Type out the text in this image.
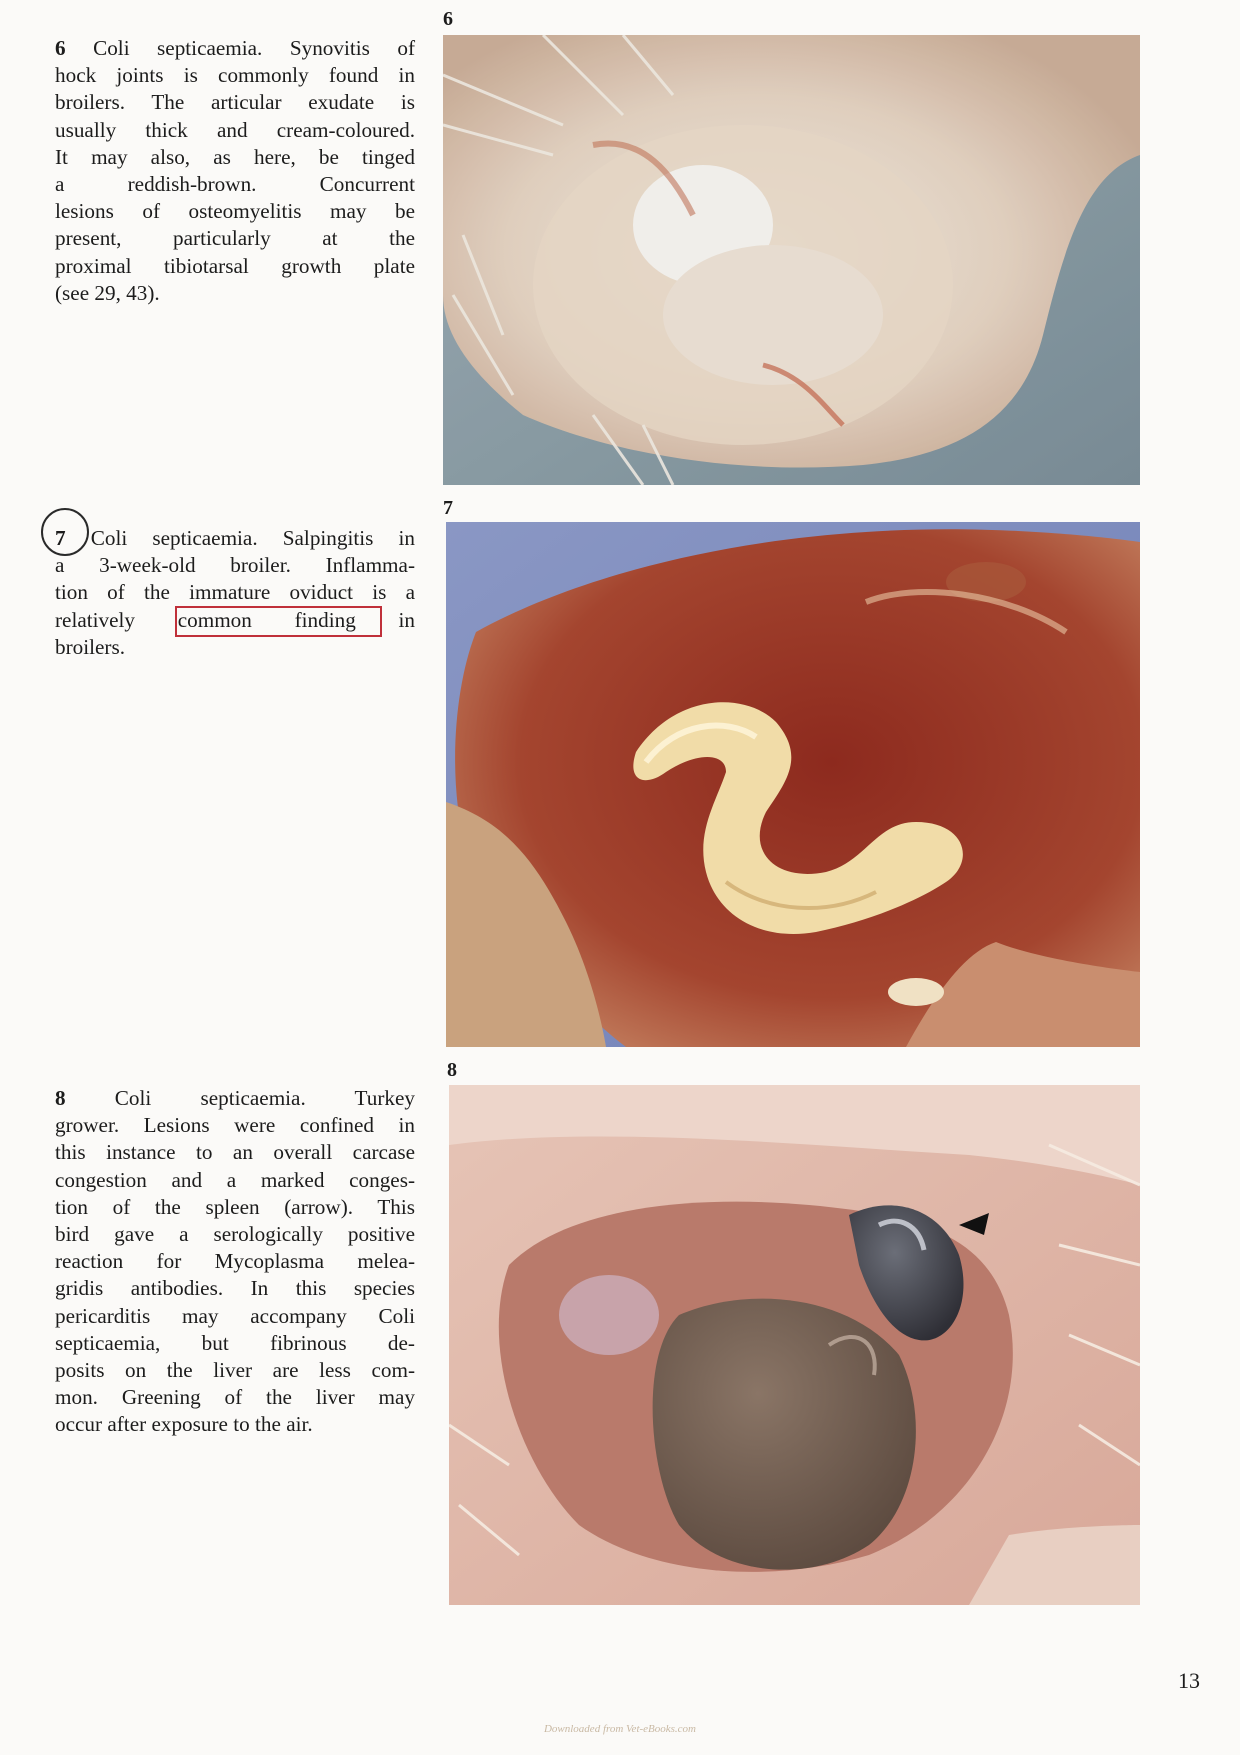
6 Coli septicaemia. Synovitis of
hock joints is commonly found in
broilers. The articular exudate is
usually thick and cream-coloured.
It may also, as here, be tinged
a reddish-brown. Concurrent
lesions of osteomyelitis may be
present, particularly at the
proximal tibiotarsal growth plate
(see 29, 43).
6
7 Coli septicaemia. Salpingitis in
a 3-week-old broiler. Inflamma-
tion of the immature oviduct is a
relatively common finding in
broilers.
7
8 Coli septicaemia. Turkey
grower. Lesions were confined in
this instance to an overall carcase
congestion and a marked conges-
tion of the spleen (arrow). This
bird gave a serologically positive
reaction for Mycoplasma melea-
gridis antibodies. In this species
pericarditis may accompany Coli
septicaemia, but fibrinous de-
posits on the liver are less com-
mon. Greening of the liver may
occur after exposure to the air.
8
13
Downloaded from Vet-eBooks.com
